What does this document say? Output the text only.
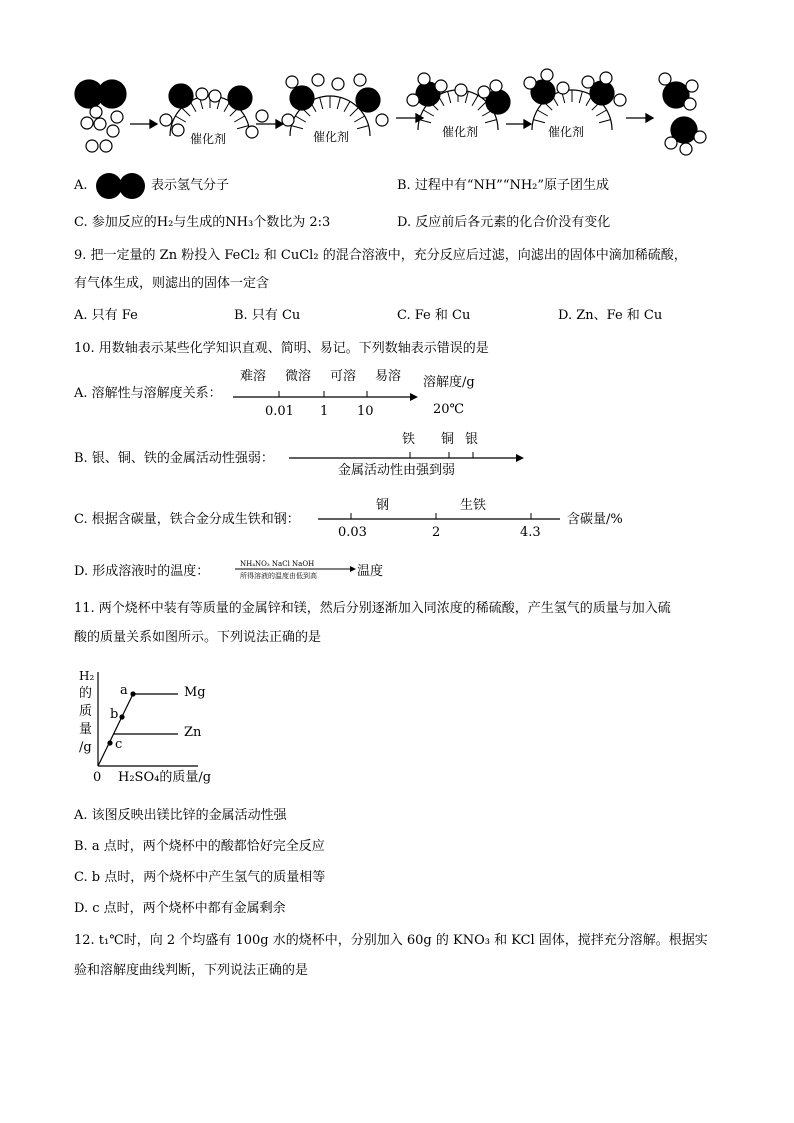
催化剂	催化剂	催化剂	催化剂
A.	表示氢气分子	B. 过程中有“NH”“NH₂”原子团生成
C. 参加反应的H₂与生成的NH₃个数比为 2:3	D. 反应前后各元素的化合价没有变化
9. 把一定量的 Zn 粉投入 FeCl₂ 和 CuCl₂ 的混合溶液中，充分反应后过滤，向滤出的固体中滴加稀硫酸，
有气体生成，则滤出的固体一定含
A. 只有 Fe	B. 只有 Cu	C. Fe 和 Cu	D. Zn、Fe 和 Cu
10. 用数轴表示某些化学知识直观、简明、易记。下列数轴表示错误的是
A. 溶解性与溶解度关系：
难溶 微溶 可溶 易溶
0.01 1 10
溶解度/g
20℃
铁 铜 银
B. 银、铜、铁的金属活动性强弱：
金属活动性由强到弱
钢	生铁
C. 根据含碳量，铁合金分成生铁和钢：
0.03	2	4.3
含碳量/%
D. 形成溶液时的温度：	NH₄NO₃ NaCl NaOH
所得溶液的温度由低到高	温度
11. 两个烧杯中装有等质量的金属锌和镁，然后分别逐渐加入同浓度的稀硫酸，产生氢气的质量与加入硫
酸的质量关系如图所示。下列说法正确的是
H₂
的
质
量
/g
a
b
c
Mg
Zn
0 H₂SO₄的质量/g
A. 该图反映出镁比锌的金属活动性强
B. a 点时，两个烧杯中的酸都恰好完全反应
C. b 点时，两个烧杯中产生氢气的质量相等
D. c 点时，两个烧杯中都有金属剩余
12. t₁℃时，向 2 个均盛有 100g 水的烧杯中，分别加入 60g 的 KNO₃ 和 KCl 固体，搅拌充分溶解。根据实
验和溶解度曲线判断，下列说法正确的是
